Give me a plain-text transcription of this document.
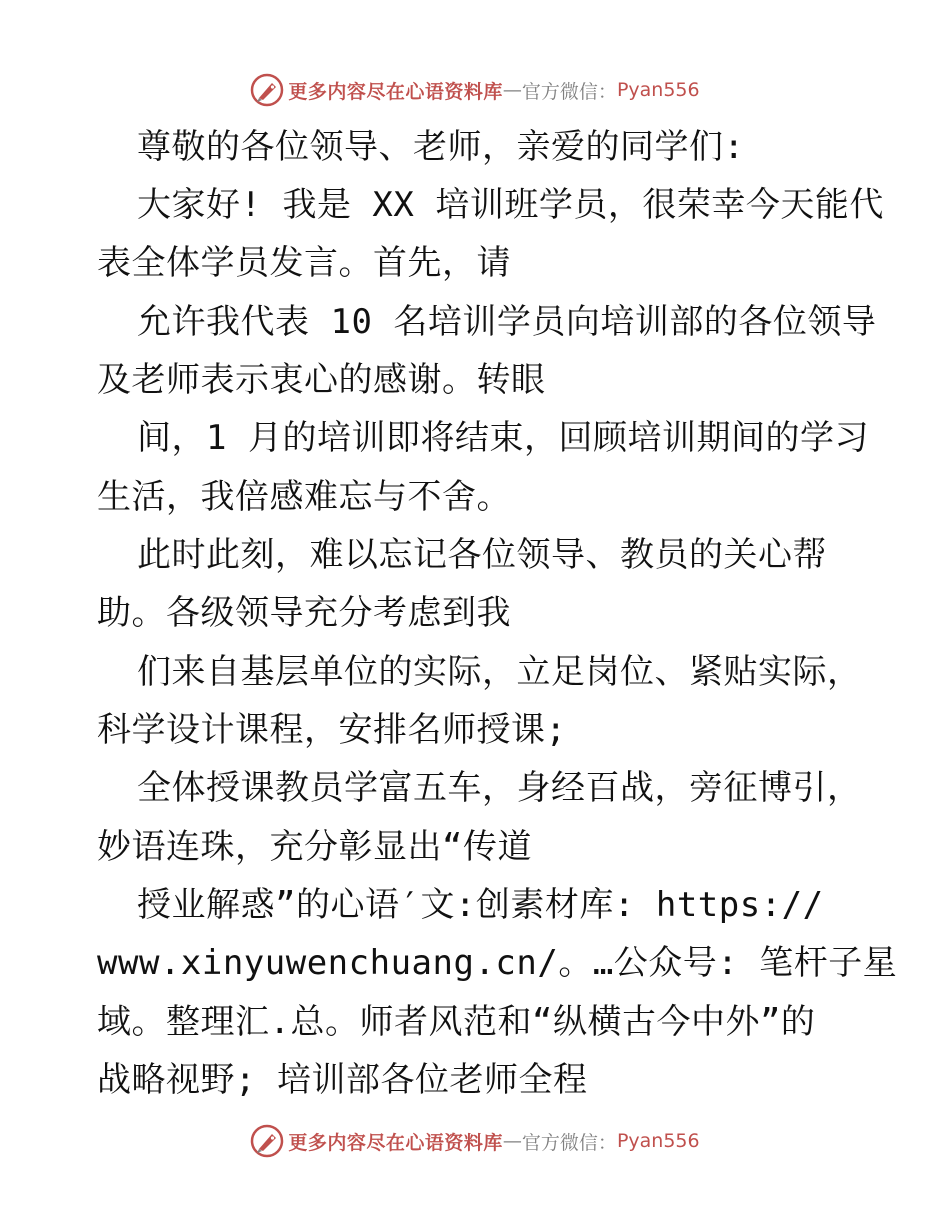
更多内容尽在心语资料库 — 官方微信： Pyan556
尊敬的各位领导、老师，亲爱的同学们:
大家好! 我是 XX 培训班学员，很荣幸今天能代
表全体学员发言。首先，请
允许我代表 10 名培训学员向培训部的各位领导
及老师表示衷心的感谢。转眼
间，1 月的培训即将结束，回顾培训期间的学习
生活，我倍感难忘与不舍。
此时此刻，难以忘记各位领导、教员的关心帮
助。各级领导充分考虑到我
们来自基层单位的实际，立足岗位、紧贴实际，
科学设计课程，安排名师授课;
全体授课教员学富五车，身经百战，旁征博引，
妙语连珠，充分彰显出“传道
授业解惑”的心语′文:创素材库: https://
www.xinyuwenchuang.cn/。…公众号: 笔杆子星
域。整理汇.总。师者风范和“纵横古今中外”的
战略视野; 培训部各位老师全程
更多内容尽在心语资料库 — 官方微信： Pyan556
